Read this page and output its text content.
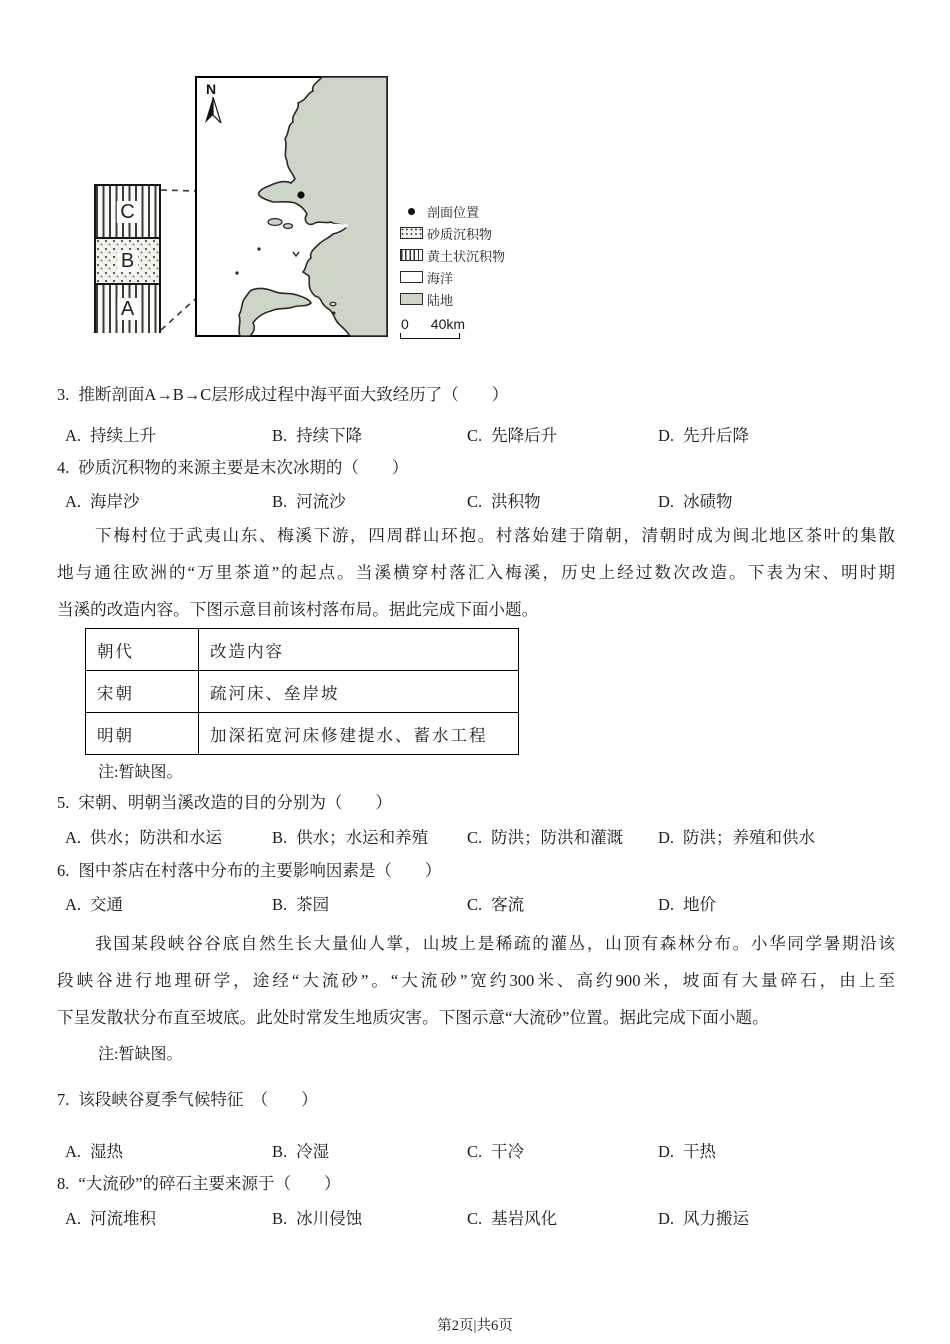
C
B
A
N
剖面位置
砂质沉积物
黄土状沉积物
海洋
陆地
0 40km
3. 推断剖面A→B→C层形成过程中海平面大致经历了（　　）
A. 持续上升	B. 持续下降	C. 先降后升	D. 先升后降
4. 砂质沉积物的来源主要是末次冰期的（　　）
A. 海岸沙	B. 河流沙	C. 洪积物	D. 冰碛物
下梅村位于武夷山东、梅溪下游，四周群山环抱。村落始建于隋朝，清朝时成为闽北地区茶叶的集散
地与通往欧洲的“万里茶道”的起点。当溪横穿村落汇入梅溪，历史上经过数次改造。下表为宋、明时期
当溪的改造内容。下图示意目前该村落布局。据此完成下面小题。
朝代	改造内容
宋朝	疏河床、垒岸坡
明朝	加深拓宽河床修建提水、蓄水工程
注:暂缺图。
5. 宋朝、明朝当溪改造的目的分别为（　　）
A. 供水；防洪和水运	B. 供水；水运和养殖	C. 防洪；防洪和灌溉	D. 防洪；养殖和供水
6. 图中茶店在村落中分布的主要影响因素是（　　）
A. 交通	B. 茶园	C. 客流	D. 地价
我国某段峡谷谷底自然生长大量仙人掌，山坡上是稀疏的灌丛，山顶有森林分布。小华同学暑期沿该
段峡谷进行地理研学，途经“大流砂”。“大流砂”宽约300米、高约900米，坡面有大量碎石，由上至
下呈发散状分布直至坡底。此处时常发生地质灾害。下图示意“大流砂”位置。据此完成下面小题。
注:暂缺图。
7. 该段峡谷夏季气候特征　（　　）
A. 湿热	B. 冷湿	C. 干冷	D. 干热
8. “大流砂”的碎石主要来源于（　　）
A. 河流堆积	B. 冰川侵蚀	C. 基岩风化	D. 风力搬运
第2页|共6页
